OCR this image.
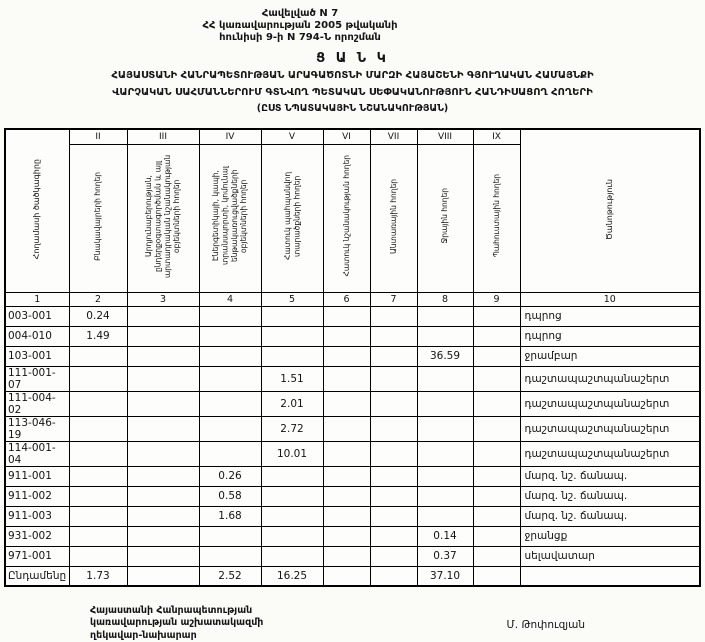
Հավելված N 7
ՀՀ կառավարության 2005 թվականի
հունիսի 9-ի N 794-Ն որոշման
Ց Ա Ն Կ
ՀԱՅԱՍՏԱՆԻ ՀԱՆՐԱՊԵՏՈՒԹՅԱՆ ԱՐԱԳԱԾՈՏՆԻ ՄԱՐԶԻ ՀԱՅԱՇԵՆԻ ԳՅՈՒՂԱԿԱՆ ՀԱՄԱՅՆՔԻ
ՎԱՐՉԱԿԱՆ ՍԱՀՄԱՆՆԵՐՈՒՄ ԳՏՆՎՈՂ ՊԵՏԱԿԱՆ ՍԵՓԱԿԱՆՈՒԹՅՈՒՆ ՀԱՆԴԻՍԱՑՈՂ ՀՈՂԵՐԻ
(ԸՍՏ ՆՊԱՏԱԿԱՅԻՆ ՆՇԱՆԱԿՈՒԹՅԱՆ)
Հողամասի ծածկագիրը	II	III	IV	V	VI	VII	VIII	IX	Ծանոթություն
	Բնակավայրերի հողեր	Արդյունաբերության, ընդերքօգտագործման և այլ արտադրական նշանակության օբյեկտների հողեր	Էներգետիկայի, կապի, տրանսպորտի, կոմունալ ենթակառուցվածքների օբյեկտների հողեր	Հատուկ պահպանվող տարածքների հողեր	Հատուկ նշանակության հողեր	Անտառային հողեր	Ջրային հողեր	Պահուստային հողեր	
1	2	3	4	5	6	7	8	9	10
003-001	0.24								դպրոց
004-010	1.49								դպրոց
103-001							36.59		ջրամբար
111-001-07				1.51					դաշտապաշտպանաշերտ
111-004-02				2.01					դաշտապաշտպանաշերտ
113-046-19				2.72					դաշտապաշտպանաշերտ
114-001-04				10.01					դաշտապաշտպանաշերտ
911-001			0.26						մարզ. նշ. ճանապ.
911-002			0.58						մարզ. նշ. ճանապ.
911-003			1.68						մարզ. նշ. ճանապ.
931-002							0.14		ջրանցք
971-001							0.37		սելավատար
Ընդամենը	1.73		2.52	16.25			37.10		
Հայաստանի Հանրապետության
կառավարության աշխատակազմի
ղեկավար-նախարար
Մ. Թոփուզյան
